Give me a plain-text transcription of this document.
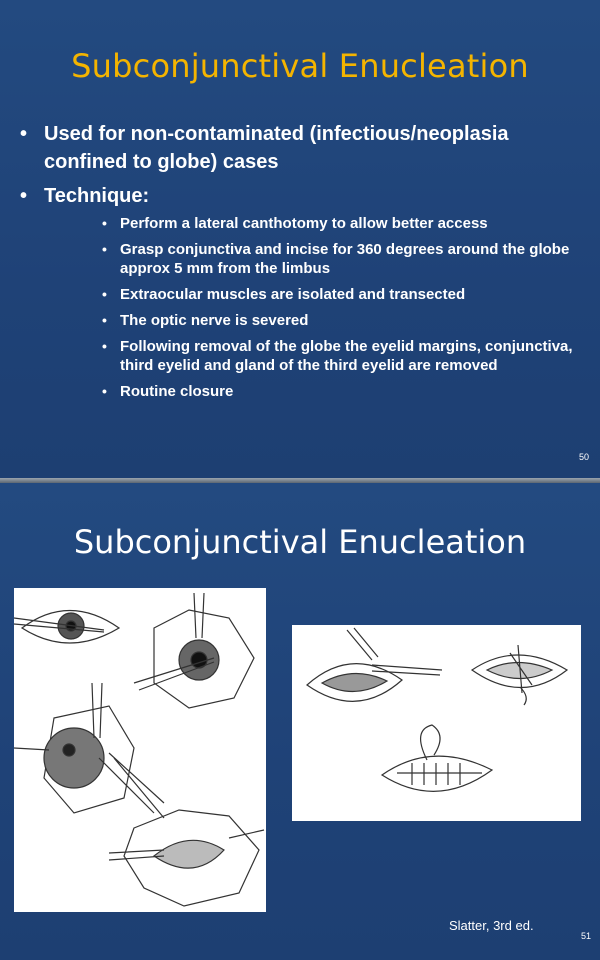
Subconjunctival Enucleation
• Used for non-contaminated (infectious/neoplasia confined to globe) cases
• Technique:
• Perform a lateral canthotomy to allow better access
• Grasp conjunctiva and incise for 360 degrees around the globe approx 5 mm from the limbus
• Extraocular muscles are isolated and transected
• The optic nerve is severed
• Following removal of the globe the eyelid margins, conjunctiva, third eyelid and gland of the third eyelid are removed
• Routine closure
50
Subconjunctival Enucleation
Slatter, 3rd ed.
51
